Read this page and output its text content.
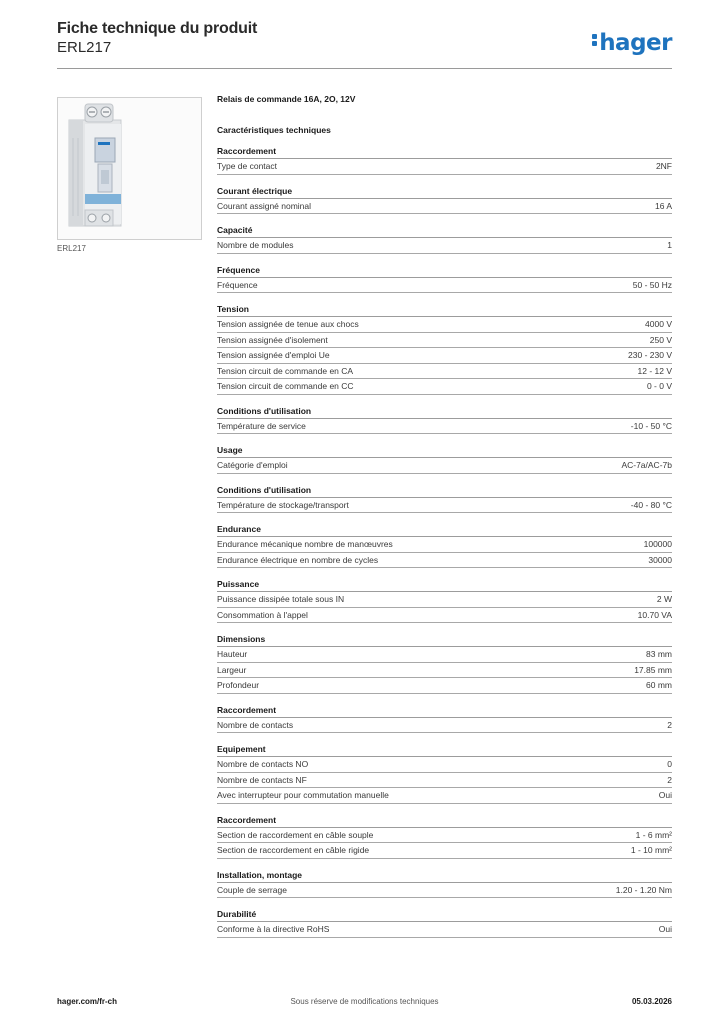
Fiche technique du produit
ERL217	hager
ERL217
Relais de commande 16A, 2O, 12V
Caractéristiques techniques
Raccordement
Type de contact	2NF
Courant électrique
Courant assigné nominal	16 A
Capacité
Nombre de modules	1
Fréquence
Fréquence	50 - 50 Hz
Tension
Tension assignée de tenue aux chocs	4000 V
Tension assignée d'isolement	250 V
Tension assignée d'emploi Ue	230 - 230 V
Tension circuit de commande en CA	12 - 12 V
Tension circuit de commande en CC	0 - 0 V
Conditions d'utilisation
Température de service	-10 - 50 °C
Usage
Catégorie d'emploi	AC-7a/AC-7b
Conditions d'utilisation
Température de stockage/transport	-40 - 80 °C
Endurance
Endurance mécanique nombre de manœuvres	100000
Endurance électrique en nombre de cycles	30000
Puissance
Puissance dissipée totale sous IN	2 W
Consommation à l'appel	10.70 VA
Dimensions
Hauteur	83 mm
Largeur	17.85 mm
Profondeur	60 mm
Raccordement
Nombre de contacts	2
Equipement
Nombre de contacts NO	0
Nombre de contacts NF	2
Avec interrupteur pour commutation manuelle	Oui
Raccordement
Section de raccordement en câble souple	1 - 6 mm²
Section de raccordement en câble rigide	1 - 10 mm²
Installation, montage
Couple de serrage	1.20 - 1.20 Nm
Durabilité
Conforme à la directive RoHS	Oui
Sous réserve de modifications techniques
hager.com/fr-ch	05.03.2026
